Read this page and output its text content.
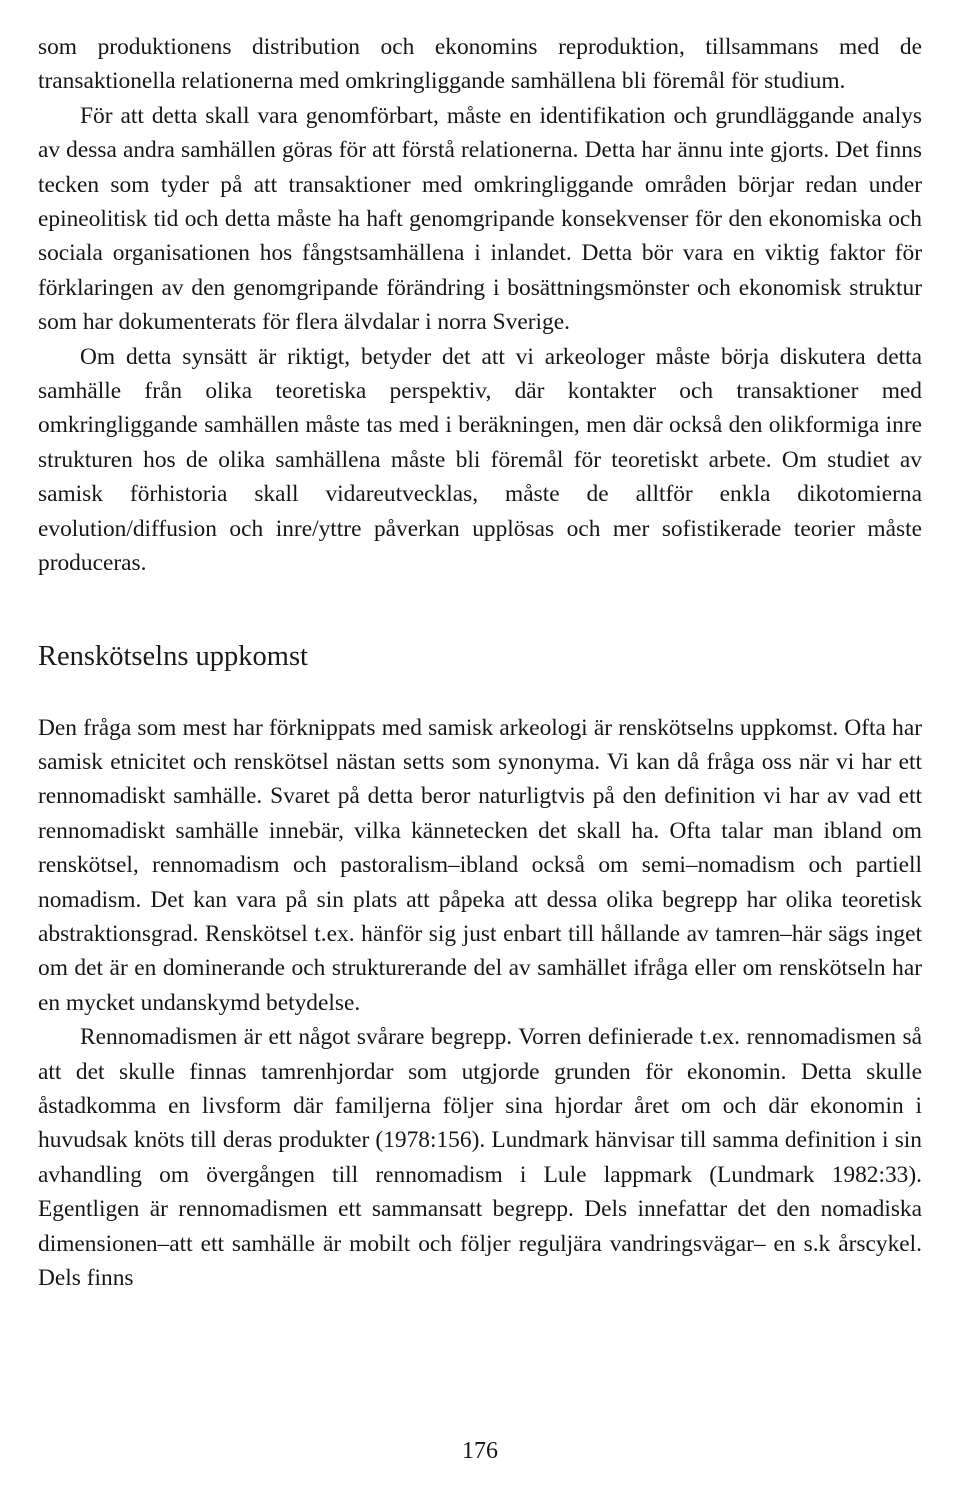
som produktionens distribution och ekonomins reproduktion, tillsammans med de transaktionella relationerna med omkringliggande samhällena bli föremål för studium.

För att detta skall vara genomförbart, måste en identifikation och grundläggande analys av dessa andra samhällen göras för att förstå relationerna. Detta har ännu inte gjorts. Det finns tecken som tyder på att transaktioner med omkringliggande områden börjar redan under epineolitisk tid och detta måste ha haft genomgripande konsekvenser för den ekonomiska och sociala organisationen hos fångstsamhällena i inlandet. Detta bör vara en viktig faktor för förklaringen av den genomgripande förändring i bosättningsmönster och ekonomisk struktur som har dokumenterats för flera älvdalar i norra Sverige.

Om detta synsätt är riktigt, betyder det att vi arkeologer måste börja diskutera detta samhälle från olika teoretiska perspektiv, där kontakter och transaktioner med omkringliggande samhällen måste tas med i beräkningen, men där också den olikformiga inre strukturen hos de olika samhällena måste bli föremål för teoretiskt arbete. Om studiet av samisk förhistoria skall vidareutvecklas, måste de alltför enkla dikotomierna evolution/diffusion och inre/yttre påverkan upplösas och mer sofistikerade teorier måste produceras.

Renskötselns uppkomst

Den fråga som mest har förknippats med samisk arkeologi är renskötselns uppkomst. Ofta har samisk etnicitet och renskötsel nästan setts som synonyma. Vi kan då fråga oss när vi har ett rennomadiskt samhälle. Svaret på detta beror naturligtvis på den definition vi har av vad ett rennomadiskt samhälle innebär, vilka kännetecken det skall ha. Ofta talar man ibland om renskötsel, rennomadism och pastoralism–ibland också om semi–nomadism och partiell nomadism. Det kan vara på sin plats att påpeka att dessa olika begrepp har olika teoretisk abstraktionsgrad. Renskötsel t.ex. hänför sig just enbart till hållande av tamren–här sägs inget om det är en dominerande och strukturerande del av samhället ifråga eller om renskötseln har en mycket undanskymd betydelse.

Rennomadismen är ett något svårare begrepp. Vorren definierade t.ex. rennomadismen så att det skulle finnas tamrenhjordar som utgjorde grunden för ekonomin. Detta skulle åstadkomma en livsform där familjerna följer sina hjordar året om och där ekonomin i huvudsak knöts till deras produkter (1978:156). Lundmark hänvisar till samma definition i sin avhandling om övergången till rennomadism i Lule lappmark (Lundmark 1982:33). Egentligen är rennomadismen ett sammansatt begrepp. Dels innefattar det den nomadiska dimensionen–att ett samhälle är mobilt och följer reguljära vandringsvägar– en s.k årscykel. Dels finns

176
